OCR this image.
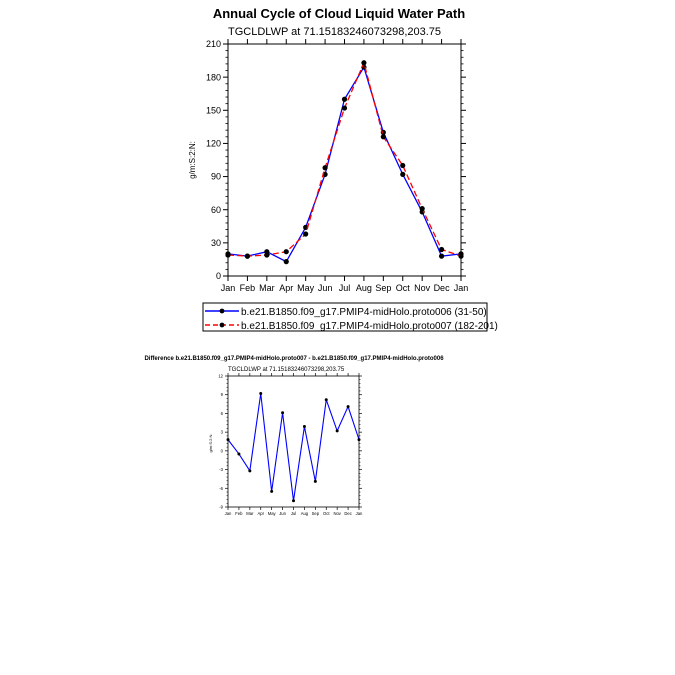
Annual Cycle of Cloud Liquid Water Path
TGCLDLWP at 71.15183246073298,203.75
g/m:S:2:N:
0
30
60
90
120
150
180
210
Jan Feb Mar Apr May Jun Jul Aug Sep Oct Nov Dec Jan
b.e21.B1850.f09_g17.PMIP4-midHolo.proto006 (31-50)
b.e21.B1850.f09_g17.PMIP4-midHolo.proto007 (182-201)
Difference b.e21.B1850.f09_g17.PMIP4-midHolo.proto007 - b.e21.B1850.f09_g17.PMIP4-midHolo.proto006
TGCLDLWP at 71.15183246073298,203.75
g/m:S:2:N:
-9
-6
-3
0
3
6
9
12
Jan Feb Mar Apr May Jun Jul Aug Sep Oct Nov Dec Jan
